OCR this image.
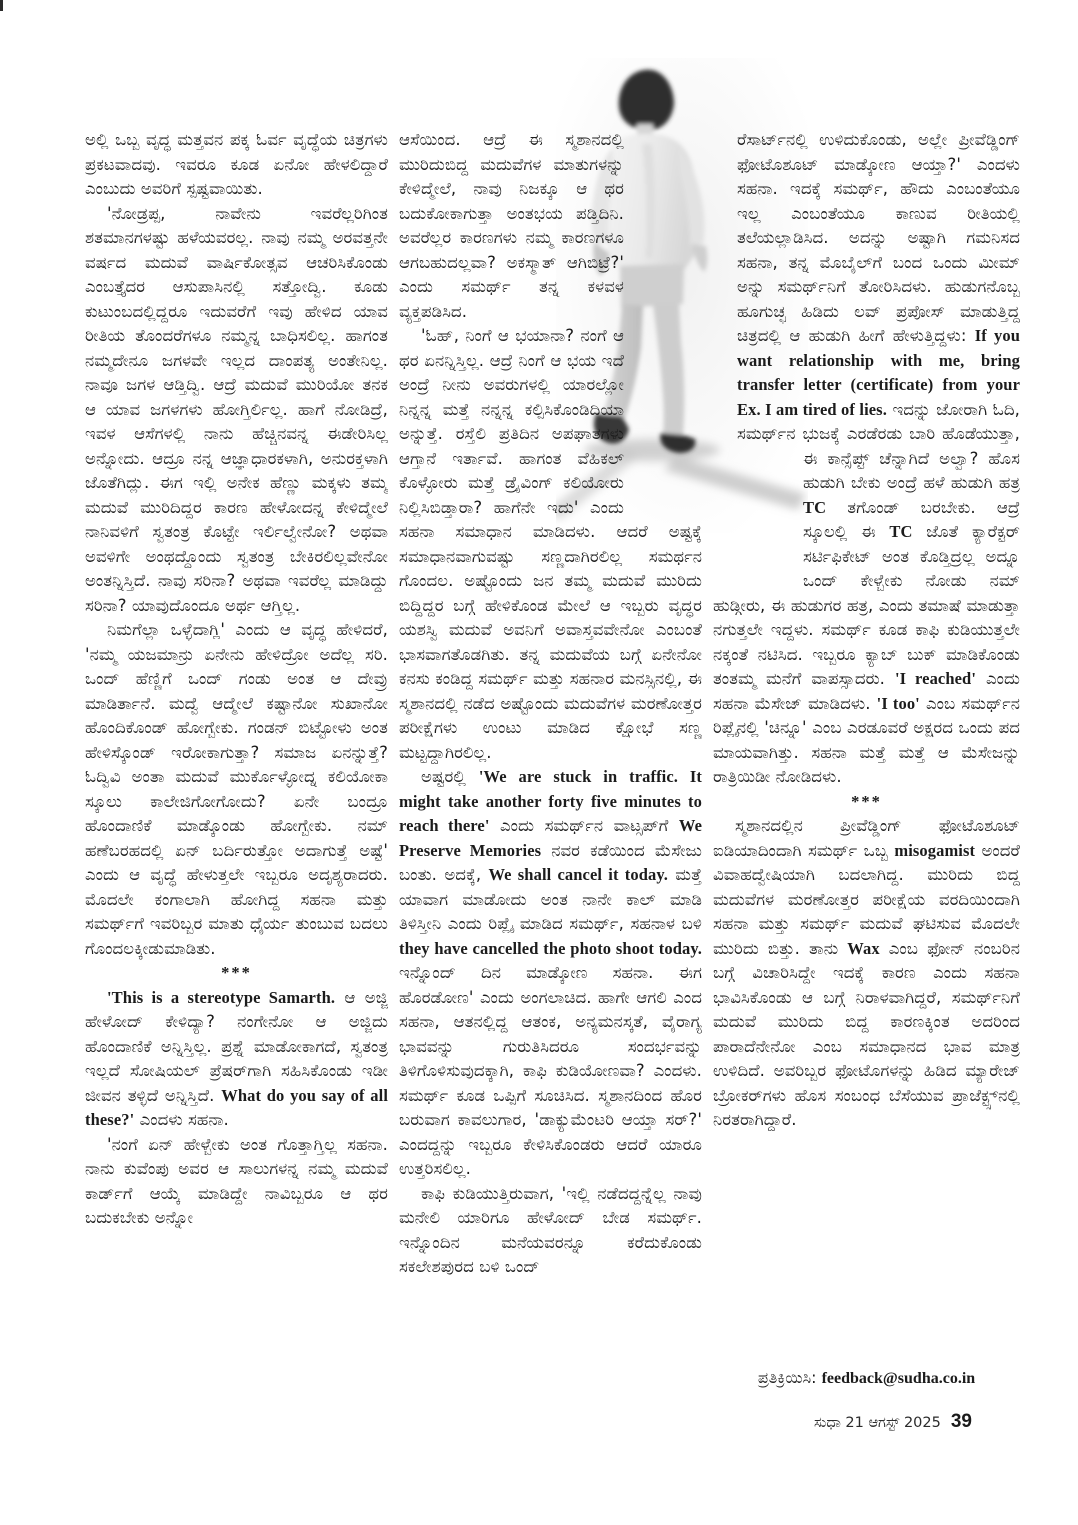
ಅಲ್ಲಿ ಒಬ್ಬ ವೃದ್ಧ ಮತ್ತವನ ಪಕ್ಕ ಓರ್ವ ವೃದ್ಧೆಯ ಚಿತ್ರಗಳು ಪ್ರಕಟವಾದವು. ಇವರೂ ಕೂಡ ಏನೋ ಹೇಳಲಿದ್ದಾರೆ ಎಂಬುದು ಅವರಿಗೆ ಸ್ಪಷ್ಟವಾಯಿತು.

'ನೋಡ್ರಪ್ಪ, ನಾವೇನು ಇವರೆಲ್ಲರಿಗಿಂತ ಶತಮಾನಗಳಷ್ಟು ಹಳೆಯವರಲ್ಲ. ನಾವು ನಮ್ಮ ಅರವತ್ತನೇ ವರ್ಷದ ಮದುವೆ ವಾರ್ಷಿಕೋತ್ಸವ ಆಚರಿಸಿಕೊಂಡು ಎಂಬತ್ತೈದರ ಆಸುಪಾಸಿನಲ್ಲಿ ಸತ್ತೋದ್ವಿ. ಕೂಡು ಕುಟುಂಬದಲ್ಲಿದ್ದರೂ ಇದುವರೆಗೆ ಇವು ಹೇಳಿದ ಯಾವ ರೀತಿಯ ತೊಂದರೆಗಳೂ ನಮ್ಮನ್ನ ಬಾಧಿಸಲಿಲ್ಲ. ಹಾಗಂತ ನಮ್ಮದೇನೂ ಜಗಳವೇ ಇಲ್ಲದ ದಾಂಪತ್ಯ ಅಂತೇನಿಲ್ಲ. ನಾವೂ ಜಗಳ ಆಡ್ತಿದ್ವಿ. ಆದ್ರೆ ಮದುವೆ ಮುರಿಯೋ ತನಕ ಆ ಯಾವ ಜಗಳಗಳು ಹೋಗ್ತಿರ್ಲಿಲ್ಲ. ಹಾಗೆ ನೋಡಿದ್ರೆ, ಇವಳ ಆಸೆಗಳಲ್ಲಿ ನಾನು ಹೆಚ್ಚಿನವನ್ನ ಈಡೇರಿಸಿಲ್ಲ ಅನ್ನೋದು. ಆದ್ರೂ ನನ್ನ ಆಜ್ಞಾಧಾರಕಳಾಗಿ, ಅನುರಕ್ತಳಾಗಿ ಜೊತೆಗಿದ್ಲು. ಈಗ ಇಲ್ಲಿ ಅನೇಕ ಹೆಣ್ಣು ಮಕ್ಕಳು ತಮ್ಮ ಮದುವೆ ಮುರಿದಿದ್ದರ ಕಾರಣ ಹೇಳೋದನ್ನ ಕೇಳಿದ್ಮೇಲೆ ನಾನಿವಳಿಗೆ ಸ್ವತಂತ್ರ ಕೊಟ್ಟೇ ಇರ್ಲಿಲ್ವೇನೋ? ಅಥವಾ ಅವಳಿಗೇ ಅಂಥದ್ದೊಂದು ಸ್ವತಂತ್ರ ಬೇಕಿರಲಿಲ್ಲವೇನೋ ಅಂತನ್ನಿಸ್ತಿದೆ. ನಾವು ಸರಿನಾ? ಅಥವಾ ಇವರೆಲ್ಲ ಮಾಡಿದ್ದು ಸರಿನಾ? ಯಾವುದೊಂದೂ ಅರ್ಥ ಆಗ್ತಿಲ್ಲ.

ನಿಮಗೆಲ್ಲಾ ಒಳ್ಳೆದಾಗ್ಲಿ' ಎಂದು ಆ ವೃದ್ಧ ಹೇಳಿದರೆ, 'ನಮ್ಮ ಯಜಮಾನ್ರು ಏನೇನು ಹೇಳಿದ್ರೋ ಅದೆಲ್ಲ ಸರಿ. ಒಂದ್ ಹೆಣ್ಣಿಗೆ ಒಂದ್ ಗಂಡು ಅಂತ ಆ ದೇವ್ರು ಮಾಡಿರ್ತಾನೆ. ಮದ್ವೆ ಆದ್ಮೇಲೆ ಕಷ್ಟಾನೋ ಸುಖಾನೋ ಹೊಂದಿಕೊಂಡ್ ಹೋಗ್ಬೇಕು. ಗಂಡನ್ ಬಿಟ್ಟೋಳು ಅಂತ ಹೇಳಿಸ್ಕೊಂಡ್ ಇರೋಕಾಗುತ್ತಾ? ಸಮಾಜ ಏನನ್ನುತ್ತೆ? ಓದ್ವಿವಿ ಅಂತಾ ಮದುವೆ ಮುರ್ಕೊಳ್ಳೋದ್ನ ಕಲಿಯೋಕಾ ಸ್ಕೂಲು ಕಾಲೇಜಿಗೋಗೋದು? ಏನೇ ಬಂದ್ರೂ ಹೊಂದಾಣಿಕೆ ಮಾಡ್ಕೊಂಡು ಹೋಗ್ಬೇಕು. ನಮ್ ಹಣೆಬರಹದಲ್ಲಿ ಏನ್ ಬರ್ದಿರುತ್ತೋ ಅದಾಗುತ್ತೆ ಅಷ್ಟೆ' ಎಂದು ಆ ವೃದ್ಧೆ ಹೇಳುತ್ತಲೇ ಇಬ್ಬರೂ ಅದೃಶ್ಯರಾದರು. ಮೊದಲೇ ಕಂಗಾಲಾಗಿ ಹೋಗಿದ್ದ ಸಹನಾ ಮತ್ತು ಸಮರ್ಥ್‌ಗೆ ಇವರಿಬ್ಬರ ಮಾತು ಧೈರ್ಯ ತುಂಬುವ ಬದಲು ಗೊಂದಲಕ್ಕೀಡುಮಾಡಿತು.

***

'This is a stereotype Samarth. ಆ ಅಜ್ಜಿ ಹೇಳೋದ್ ಕೇಳಿದ್ಯಾ? ನಂಗೇನೋ ಆ ಅಜ್ಜಿದು ಹೊಂದಾಣಿಕೆ ಅನ್ನಿಸ್ತಿಲ್ಲ. ಪ್ರಶ್ನೆ ಮಾಡೋಕಾಗದೆ, ಸ್ವತಂತ್ರ ಇಲ್ಲದೆ ಸೋಷಿಯಲ್ ಪ್ರೆಷರ್‌ಗಾಗಿ ಸಹಿಸಿಕೊಂಡು ಇಡೀ ಜೀವನ ತಳ್ಳಿದೆ ಅನ್ನಿಸ್ತಿದೆ. What do you say of all these?' ಎಂದಳು ಸಹನಾ.

'ನಂಗೆ ಏನ್ ಹೇಳ್ಬೇಕು ಅಂತ ಗೊತ್ತಾಗ್ತಿಲ್ಲ ಸಹನಾ. ನಾನು ಕುವೆಂಪು ಅವರ ಆ ಸಾಲುಗಳನ್ನ ನಮ್ಮ ಮದುವೆ ಕಾರ್ಡ್‌ಗೆ ಆಯ್ಕೆ ಮಾಡಿದ್ದೇ ನಾವಿಬ್ಬರೂ ಆ ಥರ ಬದುಕಬೇಕು ಅನ್ನೋ

ಆಸೆಯಿಂದ. ಆದ್ರೆ ಈ ಸ್ಮಶಾನದಲ್ಲಿ ಮುರಿದುಬಿದ್ದ ಮದುವೆಗಳ ಮಾತುಗಳನ್ನು ಕೇಳಿದ್ಮೇಲೆ, ನಾವು ನಿಜಕ್ಕೂ ಆ ಥರ ಬದುಕೋಕಾಗುತ್ತಾ ಅಂತಭಯ ಪಡ್ತಿದಿನಿ. ಅವರೆಲ್ಲರ ಕಾರಣಗಳು ನಮ್ಮ ಕಾರಣಗಳೂ ಆಗಬಹುದಲ್ಲವಾ? ಅಕಸ್ಮಾತ್ ಆಗಿಬಿಟ್ರೆ?' ಎಂದು ಸಮರ್ಥ್ ತನ್ನ ಕಳವಳ ವ್ಯಕ್ತಪಡಿಸಿದ.

'ಓಹ್, ನಿಂಗೆ ಆ ಭಯಾನಾ? ನಂಗೆ ಆ ಥರ ಏನನ್ನಿಸ್ತಿಲ್ಲ. ಆದ್ರೆ ನಿಂಗೆ ಆ ಭಯ ಇದೆ ಅಂದ್ರೆ ನೀನು ಅವರುಗಳಲ್ಲಿ ಯಾರಲ್ಲೋ ನಿನ್ನನ್ನ ಮತ್ತೆ ನನ್ನನ್ನ ಕಲ್ಪಿಸಿಕೊಂಡಿದಿಯಾ ಅನ್ನುತ್ತೆ. ರಸ್ತೆಲಿ ಪ್ರತಿದಿನ ಅಪಘಾತಗಳು ಆಗ್ತಾನೆ ಇರ್ತಾವೆ. ಹಾಗಂತ ವೆಹಿಕಲ್ ಕೊಳ್ಳೋರು ಮತ್ತೆ ಡ್ರೈವಿಂಗ್ ಕಲಿಯೋರು ನಿಲ್ಲಿಸಿಬಿಡ್ತಾರಾ? ಹಾಗೆನೇ ಇದು' ಎಂದು ಸಹನಾ ಸಮಾಧಾನ ಮಾಡಿದಳು. ಆದರೆ ಅಷ್ಟಕ್ಕೆ ಸಮಾಧಾನವಾಗುವಷ್ಟು ಸಣ್ಣದಾಗಿರಲಿಲ್ಲ ಸಮರ್ಥನ ಗೊಂದಲ. ಅಷ್ಟೊಂದು ಜನ ತಮ್ಮ ಮದುವೆ ಮುರಿದು ಬಿದ್ದಿದ್ದರ ಬಗ್ಗೆ ಹೇಳಿಕೊಂಡ ಮೇಲೆ ಆ ಇಬ್ಬರು ವೃದ್ಧರ ಯಶಸ್ವಿ ಮದುವೆ ಅವನಿಗೆ ಅವಾಸ್ತವವೇನೋ ಎಂಬಂತೆ ಭಾಸವಾಗತೊಡಗಿತು. ತನ್ನ ಮದುವೆಯ ಬಗ್ಗೆ ಏನೇನೋ ಕನಸು ಕಂಡಿದ್ದ ಸಮರ್ಥ್ ಮತ್ತು ಸಹನಾರ ಮನಸ್ಸಿನಲ್ಲಿ, ಈ ಸ್ಮಶಾನದಲ್ಲಿ ನಡೆದ ಅಷ್ಟೊಂದು ಮದುವೆಗಳ ಮರಣೋತ್ತರ ಪರೀಕ್ಷೆಗಳು ಉಂಟು ಮಾಡಿದ ಕ್ಷೋಭೆ ಸಣ್ಣ ಮಟ್ಟದ್ದಾಗಿರಲಿಲ್ಲ.

ಅಷ್ಟರಲ್ಲಿ 'We are stuck in traffic. It might take another forty five minutes to reach there' ಎಂದು ಸಮರ್ಥ್‌ನ ವಾಟ್ಸಪ್‌ಗೆ We Preserve Memories ನವರ ಕಡೆಯಿಂದ ಮೆಸೇಜು ಬಂತು. ಅದಕ್ಕೆ, We shall cancel it today. ಮತ್ತೆ ಯಾವಾಗ ಮಾಡೋದು ಅಂತ ನಾನೇ ಕಾಲ್ ಮಾಡಿ ತಿಳಿಸ್ತೀನಿ ಎಂದು ರಿಪ್ಲೈ ಮಾಡಿದ ಸಮರ್ಥ್, ಸಹನಾಳ ಬಳಿ they have cancelled the photo shoot today. ಇನ್ನೊಂದ್ ದಿನ ಮಾಡ್ಕೋಣ ಸಹನಾ. ಈಗ ಹೊರಡೋಣ' ಎಂದು ಅಂಗಲಾಚಿದ. ಹಾಗೇ ಆಗಲಿ ಎಂದ ಸಹನಾ, ಆತನಲ್ಲಿದ್ದ ಆತಂಕ, ಅನ್ಯಮನಸ್ಕತೆ, ವೈರಾಗ್ಯ ಭಾವವನ್ನು ಗುರುತಿಸಿದರೂ ಸಂದರ್ಭವನ್ನು ತಿಳಿಗೊಳಿಸುವುದಕ್ಕಾಗಿ, ಕಾಫಿ ಕುಡಿಯೋಣವಾ? ಎಂದಳು. ಸಮರ್ಥ್ ಕೂಡ ಒಪ್ಪಿಗೆ ಸೂಚಿಸಿದ. ಸ್ಮಶಾನದಿಂದ ಹೊರ ಬರುವಾಗ ಕಾವಲುಗಾರ, 'ಡಾಕ್ಯುಮೆಂಟರಿ ಆಯ್ತಾ ಸರ್?' ಎಂದದ್ದನ್ನು ಇಬ್ಬರೂ ಕೇಳಿಸಿಕೊಂಡರು ಆದರೆ ಯಾರೂ ಉತ್ತರಿಸಲಿಲ್ಲ.

ಕಾಫಿ ಕುಡಿಯುತ್ತಿರುವಾಗ, 'ಇಲ್ಲಿ ನಡೆದದ್ದನ್ನೆಲ್ಲ ನಾವು ಮನೇಲಿ ಯಾರಿಗೂ ಹೇಳೋದ್ ಬೇಡ ಸಮರ್ಥ್. ಇನ್ನೊಂದಿನ ಮನೆಯವರನ್ನೂ ಕರೆದುಕೊಂಡು ಸಕಲೇಶಪುರದ ಬಳಿ ಒಂದ್

ರೆಸಾರ್ಟ್‌ನಲ್ಲಿ ಉಳಿದುಕೊಂಡು, ಅಲ್ಲೇ ಪ್ರೀವೆಡ್ಡಿಂಗ್ ಫೋಟೊಶೂಟ್ ಮಾಡ್ಕೋಣ ಆಯ್ತಾ?' ಎಂದಳು ಸಹನಾ. ಇದಕ್ಕೆ ಸಮರ್ಥ್, ಹೌದು ಎಂಬಂತೆಯೂ ಇಲ್ಲ ಎಂಬಂತೆಯೂ ಕಾಣುವ ರೀತಿಯಲ್ಲಿ ತಲೆಯಲ್ಲಾಡಿಸಿದ. ಅದನ್ನು ಅಷ್ಟಾಗಿ ಗಮನಿಸದ ಸಹನಾ, ತನ್ನ ಮೊಬೈಲ್‌ಗೆ ಬಂದ ಒಂದು ಮೀಮ್ ಅನ್ನು ಸಮರ್ಥ್‌ನಿಗೆ ತೋರಿಸಿದಳು. ಹುಡುಗನೊಬ್ಬ ಹೂಗುಚ್ಛ ಹಿಡಿದು ಲವ್ ಪ್ರಪೋಸ್ ಮಾಡುತ್ತಿದ್ದ ಚಿತ್ರದಲ್ಲಿ ಆ ಹುಡುಗಿ ಹೀಗೆ ಹೇಳುತ್ತಿದ್ದಳು: If you want relationship with me, bring transfer letter (certificate) from your Ex. I am tired of lies. ಇದನ್ನು ಜೋರಾಗಿ ಓದಿ, ಸಮರ್ಥ್‌ನ ಭುಜಕ್ಕೆ ಎರಡೆರಡು ಬಾರಿ ಹೊಡೆಯುತ್ತಾ, ಈ ಕಾನ್ಸೆಪ್ಟ್ ಚೆನ್ನಾಗಿದೆ ಅಲ್ವಾ? ಹೊಸ ಹುಡುಗಿ ಬೇಕು ಅಂದ್ರೆ ಹಳೆ ಹುಡುಗಿ ಹತ್ರ TC ತಗೊಂಡ್ ಬರಬೇಕು. ಆದ್ರೆ ಸ್ಕೂಲಲ್ಲಿ ಈ TC ಜೊತೆ ಕ್ಯಾರೆಕ್ಟರ್ ಸರ್ಟಿಫಿಕೇಟ್ ಅಂತ ಕೊಡ್ತಿದ್ರಲ್ಲ ಅದ್ನೂ ಒಂದ್ ಕೇಳ್ಬೇಕು ನೋಡು ನಮ್ ಹುಡ್ಗೀರು, ಈ ಹುಡುಗರ ಹತ್ರ, ಎಂದು ತಮಾಷೆ ಮಾಡುತ್ತಾ ನಗುತ್ತಲೇ ಇದ್ದಳು. ಸಮರ್ಥ್ ಕೂಡ ಕಾಫಿ ಕುಡಿಯುತ್ತಲೇ ನಕ್ಕಂತೆ ನಟಿಸಿದ. ಇಬ್ಬರೂ ಕ್ಯಾಬ್ ಬುಕ್ ಮಾಡಿಕೊಂಡು ತಂತಮ್ಮ ಮನೆಗೆ ವಾಪಸ್ಸಾದರು. 'I reached' ಎಂದು ಸಹನಾ ಮೆಸೇಜ್ ಮಾಡಿದಳು. 'I too' ಎಂಬ ಸಮರ್ಥ್‌ನ ರಿಪ್ಲೈನಲ್ಲಿ 'ಚಿನ್ನೂ' ಎಂಬ ಎರಡೂವರೆ ಅಕ್ಷರದ ಒಂದು ಪದ ಮಾಯವಾಗಿತ್ತು. ಸಹನಾ ಮತ್ತೆ ಮತ್ತೆ ಆ ಮೆಸೇಜನ್ನು ರಾತ್ರಿಯಿಡೀ ನೋಡಿದಳು.

***

ಸ್ಮಶಾನದಲ್ಲಿನ ಪ್ರೀವೆಡ್ಡಿಂಗ್ ಫೋಟೊಶೂಟ್ ಐಡಿಯಾದಿಂದಾಗಿ ಸಮರ್ಥ್ ಒಬ್ಬ misogamist ಅಂದರೆ ವಿವಾಹದ್ವೇಷಿಯಾಗಿ ಬದಲಾಗಿದ್ದ. ಮುರಿದು ಬಿದ್ದ ಮದುವೆಗಳ ಮರಣೋತ್ತರ ಪರೀಕ್ಷೆಯ ವರದಿಯಿಂದಾಗಿ ಸಹನಾ ಮತ್ತು ಸಮರ್ಥ್ ಮದುವೆ ಘಟಿಸುವ ಮೊದಲೇ ಮುರಿದು ಬಿತ್ತು. ತಾನು Wax ಎಂಬ ಫೋನ್ ನಂಬರಿನ ಬಗ್ಗೆ ವಿಚಾರಿಸಿದ್ದೇ ಇದಕ್ಕೆ ಕಾರಣ ಎಂದು ಸಹನಾ ಭಾವಿಸಿಕೊಂಡು ಆ ಬಗ್ಗೆ ನಿರಾಳವಾಗಿದ್ದರೆ, ಸಮರ್ಥ್‌ನಿಗೆ ಮದುವೆ ಮುರಿದು ಬಿದ್ದ ಕಾರಣಕ್ಕಿಂತ ಅದರಿಂದ ಪಾರಾದೆನೇನೋ ಎಂಬ ಸಮಾಧಾನದ ಭಾವ ಮಾತ್ರ ಉಳಿದಿದೆ. ಅವರಿಬ್ಬರ ಫೋಟೊಗಳನ್ನು ಹಿಡಿದ ಮ್ಯಾರೇಜ್ ಬ್ರೋಕರ್‌ಗಳು ಹೊಸ ಸಂಬಂಧ ಬೆಸೆಯುವ ಪ್ರಾಜೆಕ್ಟ್ಸ್‌ನಲ್ಲಿ ನಿರತರಾಗಿದ್ದಾರೆ.

ಪ್ರತಿಕ್ರಿಯಿಸಿ: feedback@sudha.co.in
ಸುಧಾ 21 ಆಗಸ್ಟ್ 2025 39
